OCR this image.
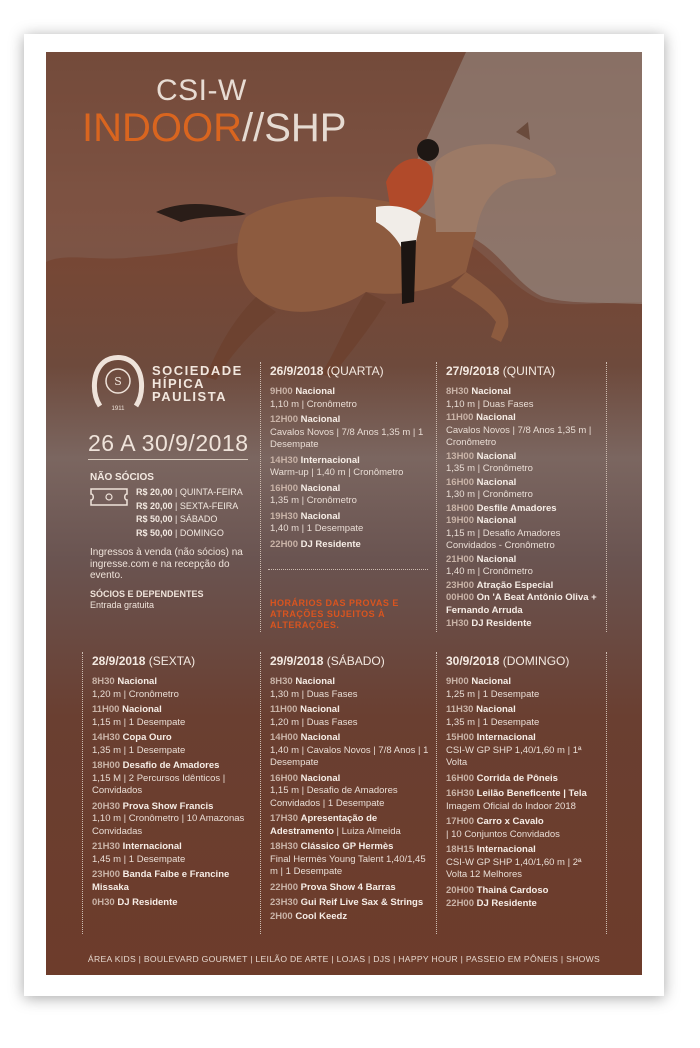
CSI-W
INDOOR//SHP
S
1911
SOCIEDADE
HÍPICA
PAULISTA
26 A 30/9/2018
NÃO SÓCIOS
R$ 20,00 | QUINTA-FEIRA
R$ 20,00 | SEXTA-FEIRA
R$ 50,00 | SÁBADO
R$ 50,00 | DOMINGO
Ingressos à venda (não sócios) na ingresse.com e na recepção do evento.
SÓCIOS E DEPENDENTES
Entrada gratuita	HORÁRIOS DAS PROVAS E ATRAÇÕES SUJEITOS À ALTERAÇÕES.
26/9/2018 (QUARTA)
9H00 Nacional
1,10 m | Cronômetro
12H00 Nacional
Cavalos Novos | 7/8 Anos 1,35 m | 1 Desempate
14H30 Internacional
Warm-up | 1,40 m | Cronômetro
16H00 Nacional
1,35 m | Cronômetro
19H30 Nacional
1,40 m | 1 Desempate
22H00 DJ Residente
27/9/2018 (QUINTA)
8H30 Nacional
1,10 m | Duas Fases
11H00 Nacional
Cavalos Novos | 7/8 Anos 1,35 m | Cronômetro
13H00 Nacional
1,35 m | Cronômetro
16H00 Nacional
1,30 m | Cronômetro
18H00 Desfile Amadores
19H00 Nacional
1,15 m | Desafio Amadores Convidados - Cronômetro
21H00 Nacional
1,40 m | Cronômetro
23H00 Atração Especial
00H00 On 'A Beat Antônio Oliva + Fernando Arruda
1H30 DJ Residente
28/9/2018 (SEXTA)
8H30 Nacional
1,20 m | Cronômetro
11H00 Nacional
1,15 m | 1 Desempate
14H30 Copa Ouro
1,35 m | 1 Desempate
18H00 Desafio de Amadores
1,15 M | 2 Percursos Idênticos | Convidados
20H30 Prova Show Francis
1,10 m | Cronômetro | 10 Amazonas Convidadas
21H30 Internacional
1,45 m | 1 Desempate
23H00 Banda Faíbe e Francine Missaka
0H30 DJ Residente
29/9/2018 (SÁBADO)
8H30 Nacional
1,30 m | Duas Fases
11H00 Nacional
1,20 m | Duas Fases
14H00 Nacional
1,40 m | Cavalos Novos | 7/8 Anos | 1 Desempate
16H00 Nacional
1,15 m | Desafio de Amadores Convidados | 1 Desempate
17H30 Apresentação de Adestramento | Luiza Almeida
18H30 Clássico GP Hermès
Final Hermès Young Talent 1,40/1,45 m | 1 Desempate
22H00 Prova Show 4 Barras
23H30 Gui Reif Live Sax & Strings
2H00 Cool Keedz
30/9/2018 (DOMINGO)
9H00 Nacional
1,25 m | 1 Desempate
11H30 Nacional
1,35 m | 1 Desempate
15H00 Internacional
CSI-W GP SHP 1,40/1,60 m | 1ª Volta
16H00 Corrida de Pôneis
16H30 Leilão Beneficente | Tela
Imagem Oficial do Indoor 2018
17H00 Carro x Cavalo
| 10 Conjuntos Convidados
18H15 Internacional
CSI-W GP SHP 1,40/1,60 m | 2ª Volta 12 Melhores
20H00 Thainá Cardoso
22H00 DJ Residente
ÁREA KIDS | BOULEVARD GOURMET | LEILÃO DE ARTE | LOJAS | DJS | HAPPY HOUR | PASSEIO EM PÔNEIS | SHOWS
